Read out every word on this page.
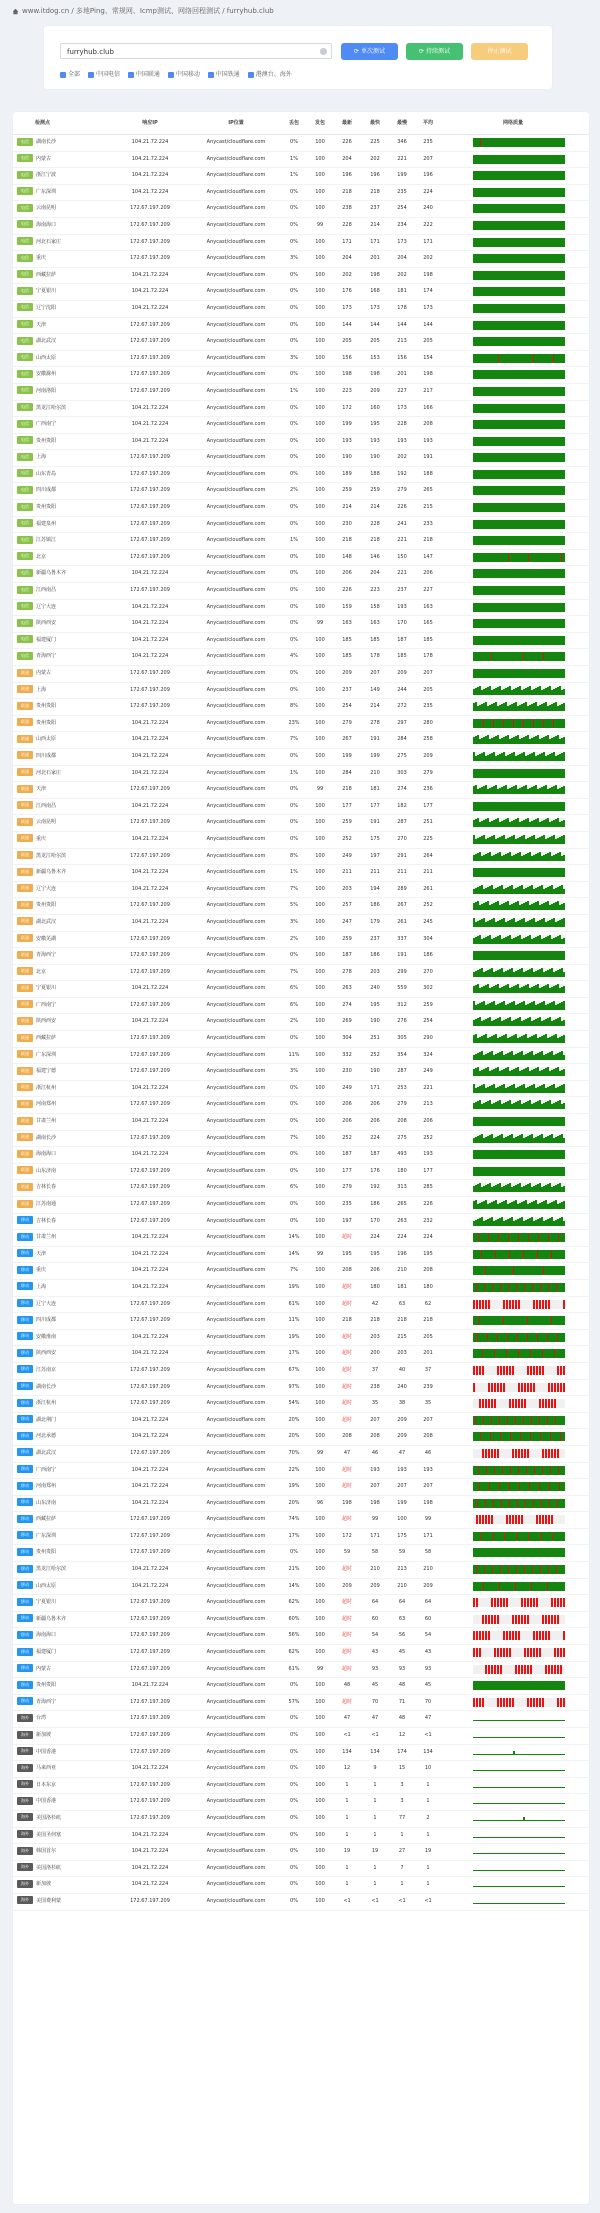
www.itdog.cn / 多地Ping、常规网、Icmp测试、网络回程测试 / furryhub.club
furryhub.club	⟳ 单次测试	⟳ 持续测试	停止测试
全部	中国电信	中国联通	中国移动	中国铁通	港澳台、海外
检测点	响应IP	IP位置	丢包	发包	最新	最快	最慢	平均	网络质量
电信 湖南长沙	104.21.72.224	Anycast/cloudflare.com	0%	100	226	225	346	235
电信 内蒙古	104.21.72.224	Anycast/cloudflare.com	1%	100	204	202	221	207
电信 浙江宁波	104.21.72.224	Anycast/cloudflare.com	1%	100	196	196	199	196
电信 广东深圳	104.21.72.224	Anycast/cloudflare.com	0%	100	218	218	235	224
电信 云南昆明	172.67.197.209	Anycast/cloudflare.com	0%	100	238	237	254	240
电信 海南海口	172.67.197.209	Anycast/cloudflare.com	0%	99	228	214	234	222
电信 河北石家庄	172.67.197.209	Anycast/cloudflare.com	0%	100	171	171	173	171
电信 重庆	172.67.197.209	Anycast/cloudflare.com	3%	100	204	201	204	202
电信 西藏拉萨	104.21.72.224	Anycast/cloudflare.com	0%	100	202	198	202	198
电信 宁夏银川	104.21.72.224	Anycast/cloudflare.com	0%	100	176	168	181	174
电信 辽宁沈阳	104.21.72.224	Anycast/cloudflare.com	0%	100	173	173	178	173
电信 天津	172.67.197.209	Anycast/cloudflare.com	0%	100	144	144	144	144
电信 湖北武汉	172.67.197.209	Anycast/cloudflare.com	0%	100	205	205	213	205
电信 山西太原	172.67.197.209	Anycast/cloudflare.com	3%	100	156	153	156	154
电信 安徽滁州	172.67.197.209	Anycast/cloudflare.com	0%	100	198	198	201	198
电信 河南洛阳	172.67.197.209	Anycast/cloudflare.com	1%	100	223	209	227	217
电信 黑龙江哈尔滨	104.21.72.224	Anycast/cloudflare.com	0%	100	172	160	173	166
电信 广西南宁	104.21.72.224	Anycast/cloudflare.com	0%	100	199	195	228	208
电信 贵州贵阳	104.21.72.224	Anycast/cloudflare.com	0%	100	193	193	193	193
电信 上海	172.67.197.209	Anycast/cloudflare.com	0%	100	190	190	202	191
电信 山东青岛	172.67.197.209	Anycast/cloudflare.com	0%	100	189	188	192	188
电信 四川成都	172.67.197.209	Anycast/cloudflare.com	2%	100	259	259	279	265
电信 贵州贵阳	172.67.197.209	Anycast/cloudflare.com	0%	100	214	214	226	215
电信 福建泉州	172.67.197.209	Anycast/cloudflare.com	0%	100	230	228	241	233
电信 江苏镇江	172.67.197.209	Anycast/cloudflare.com	1%	100	218	218	221	218
电信 北京	172.67.197.209	Anycast/cloudflare.com	0%	100	148	146	150	147
电信 新疆乌鲁木齐	104.21.72.224	Anycast/cloudflare.com	0%	100	206	204	221	206
电信 江西南昌	172.67.197.209	Anycast/cloudflare.com	0%	100	226	223	237	227
电信 辽宁大连	104.21.72.224	Anycast/cloudflare.com	0%	100	159	158	193	163
电信 陕西西安	104.21.72.224	Anycast/cloudflare.com	0%	99	163	163	170	165
电信 福建厦门	104.21.72.224	Anycast/cloudflare.com	0%	100	185	185	187	185
电信 青海西宁	104.21.72.224	Anycast/cloudflare.com	4%	100	185	178	185	178
联通 内蒙古	172.67.197.209	Anycast/cloudflare.com	0%	100	209	207	209	207
联通 上海	172.67.197.209	Anycast/cloudflare.com	0%	100	237	149	244	205
联通 贵州贵阳	172.67.197.209	Anycast/cloudflare.com	8%	100	254	214	272	235
联通 贵州贵阳	104.21.72.224	Anycast/cloudflare.com	23%	100	279	278	297	280
联通 山西太原	104.21.72.224	Anycast/cloudflare.com	7%	100	267	191	284	258
联通 四川成都	104.21.72.224	Anycast/cloudflare.com	0%	100	199	199	275	209
联通 河北石家庄	104.21.72.224	Anycast/cloudflare.com	1%	100	284	210	303	279
联通 天津	172.67.197.209	Anycast/cloudflare.com	0%	99	218	181	274	236
联通 江西南昌	104.21.72.224	Anycast/cloudflare.com	0%	100	177	177	182	177
联通 云南昆明	172.67.197.209	Anycast/cloudflare.com	0%	100	259	191	287	251
联通 重庆	104.21.72.224	Anycast/cloudflare.com	0%	100	252	175	270	225
联通 黑龙江哈尔滨	172.67.197.209	Anycast/cloudflare.com	8%	100	249	197	291	264
联通 新疆乌鲁木齐	104.21.72.224	Anycast/cloudflare.com	1%	100	211	211	211	211
联通 辽宁大连	104.21.72.224	Anycast/cloudflare.com	7%	100	203	194	289	261
联通 贵州贵阳	172.67.197.209	Anycast/cloudflare.com	5%	100	257	186	267	252
联通 湖北武汉	104.21.72.224	Anycast/cloudflare.com	3%	100	247	179	261	245
联通 安徽芜湖	172.67.197.209	Anycast/cloudflare.com	2%	100	259	237	337	304
联通 青海西宁	172.67.197.209	Anycast/cloudflare.com	0%	100	187	186	191	186
联通 北京	172.67.197.209	Anycast/cloudflare.com	7%	100	278	203	299	270
联通 宁夏银川	104.21.72.224	Anycast/cloudflare.com	6%	100	263	240	559	302
联通 广西南宁	172.67.197.209	Anycast/cloudflare.com	6%	100	274	195	312	259
联通 陕西西安	104.21.72.224	Anycast/cloudflare.com	2%	100	269	190	276	254
联通 西藏拉萨	172.67.197.209	Anycast/cloudflare.com	0%	100	304	251	305	290
联通 广东深圳	172.67.197.209	Anycast/cloudflare.com	11%	100	332	252	354	324
联通 福建宁德	172.67.197.209	Anycast/cloudflare.com	3%	100	230	190	287	249
联通 浙江杭州	104.21.72.224	Anycast/cloudflare.com	0%	100	249	171	253	221
联通 河南郑州	172.67.197.209	Anycast/cloudflare.com	0%	100	206	206	279	213
联通 甘肃兰州	104.21.72.224	Anycast/cloudflare.com	0%	100	206	206	208	206
联通 湖南长沙	172.67.197.209	Anycast/cloudflare.com	7%	100	252	224	275	252
联通 海南海口	104.21.72.224	Anycast/cloudflare.com	0%	100	187	187	493	193
联通 山东济南	172.67.197.209	Anycast/cloudflare.com	0%	100	177	176	180	177
联通 吉林长春	172.67.197.209	Anycast/cloudflare.com	6%	100	279	192	313	285
联通 江苏南通	172.67.197.209	Anycast/cloudflare.com	0%	100	235	186	265	226
移动 吉林长春	172.67.197.209	Anycast/cloudflare.com	0%	100	197	170	263	232
移动 甘肃兰州	104.21.72.224	Anycast/cloudflare.com	14%	100	超时	224	224	224
移动 天津	104.21.72.224	Anycast/cloudflare.com	14%	99	195	195	196	195
移动 重庆	104.21.72.224	Anycast/cloudflare.com	7%	100	208	206	210	208
移动 上海	104.21.72.224	Anycast/cloudflare.com	19%	100	超时	180	181	180
移动 辽宁大连	172.67.197.209	Anycast/cloudflare.com	61%	100	超时	42	63	62
移动 四川成都	172.67.197.209	Anycast/cloudflare.com	11%	100	218	218	218	218
移动 安徽淮南	104.21.72.224	Anycast/cloudflare.com	19%	100	超时	203	215	205
移动 陕西西安	104.21.72.224	Anycast/cloudflare.com	17%	100	超时	200	203	201
移动 江苏南京	172.67.197.209	Anycast/cloudflare.com	67%	100	超时	37	40	37
移动 湖南长沙	172.67.197.209	Anycast/cloudflare.com	97%	100	超时	238	240	239
移动 浙江杭州	172.67.197.209	Anycast/cloudflare.com	54%	100	超时	35	38	35
移动 湖北荆门	104.21.72.224	Anycast/cloudflare.com	20%	100	超时	207	209	207
移动 河北承德	104.21.72.224	Anycast/cloudflare.com	20%	100	208	208	209	208
移动 湖北武汉	172.67.197.209	Anycast/cloudflare.com	70%	99	47	46	47	46
移动 广西南宁	104.21.72.224	Anycast/cloudflare.com	22%	100	超时	193	193	193
移动 河南郑州	104.21.72.224	Anycast/cloudflare.com	19%	100	超时	207	207	207
移动 山东济南	104.21.72.224	Anycast/cloudflare.com	20%	96	198	198	199	198
移动 西藏拉萨	172.67.197.209	Anycast/cloudflare.com	74%	100	超时	99	100	99
移动 广东深圳	172.67.197.209	Anycast/cloudflare.com	17%	100	172	171	175	171
移动 贵州贵阳	172.67.197.209	Anycast/cloudflare.com	0%	100	59	58	59	58
移动 黑龙江哈尔滨	104.21.72.224	Anycast/cloudflare.com	21%	100	超时	210	213	210
移动 山西太原	104.21.72.224	Anycast/cloudflare.com	14%	100	209	209	210	209
移动 宁夏银川	172.67.197.209	Anycast/cloudflare.com	62%	100	超时	64	64	64
移动 新疆乌鲁木齐	172.67.197.209	Anycast/cloudflare.com	60%	100	超时	60	63	60
移动 海南海口	172.67.197.209	Anycast/cloudflare.com	56%	100	超时	54	56	54
移动 福建厦门	172.67.197.209	Anycast/cloudflare.com	62%	100	超时	43	45	43
移动 内蒙古	172.67.197.209	Anycast/cloudflare.com	61%	99	超时	93	93	93
移动 贵州贵阳	104.21.72.224	Anycast/cloudflare.com	0%	100	48	45	48	45
移动 青海西宁	172.67.197.209	Anycast/cloudflare.com	57%	100	超时	70	71	70
海外 台湾	172.67.197.209	Anycast/cloudflare.com	0%	100	47	47	48	47
海外 新加坡	172.67.197.209	Anycast/cloudflare.com	0%	100	<1	<1	12	<1
海外 中国香港	172.67.197.209	Anycast/cloudflare.com	0%	100	134	134	174	134
海外 马来西亚	104.21.72.224	Anycast/cloudflare.com	0%	100	12	9	15	10
海外 日本东京	172.67.197.209	Anycast/cloudflare.com	0%	100	1	1	3	1
海外 中国香港	172.67.197.209	Anycast/cloudflare.com	0%	100	1	1	3	1
海外 美国洛杉矶	172.67.197.209	Anycast/cloudflare.com	0%	100	1	1	77	2
海外 美国圣何塞	104.21.72.224	Anycast/cloudflare.com	0%	100	1	1	1	1
海外 韩国首尔	104.21.72.224	Anycast/cloudflare.com	0%	100	19	19	27	19
海外 美国洛杉矶	104.21.72.224	Anycast/cloudflare.com	0%	100	1	1	7	1
海外 新加坡	104.21.72.224	Anycast/cloudflare.com	0%	100	1	1	1	1
海外 美国费利蒙	172.67.197.209	Anycast/cloudflare.com	0%	100	<1	<1	<1	<1
